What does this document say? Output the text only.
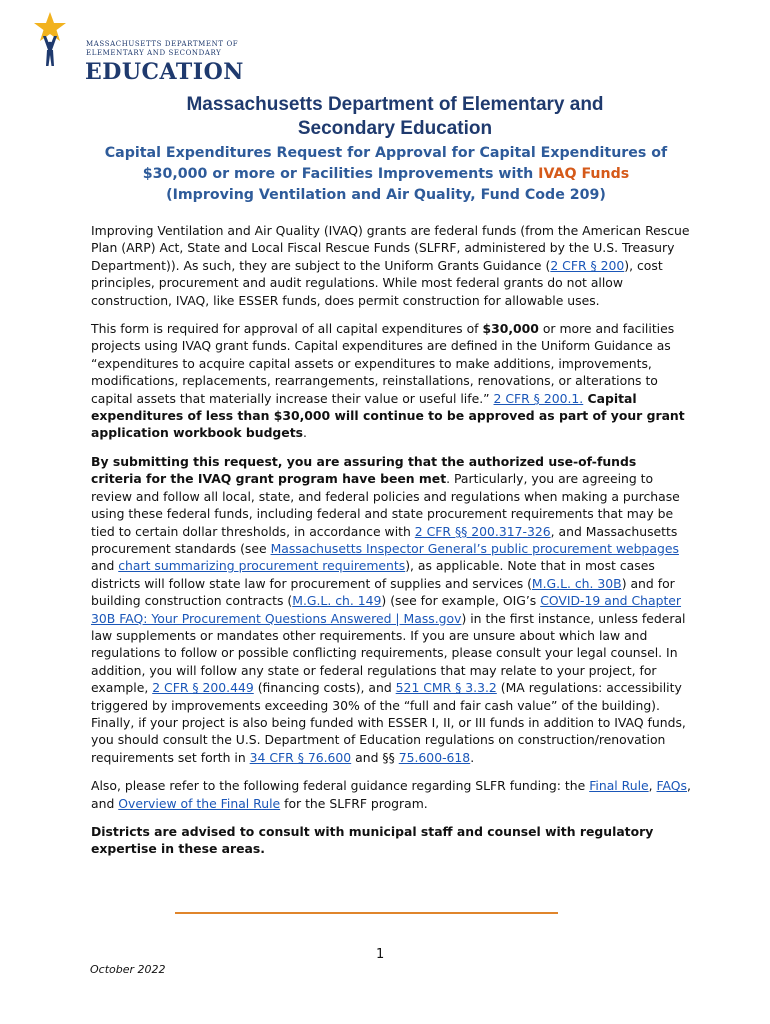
MASSACHUSETTS DEPARTMENT OF
ELEMENTARY AND SECONDARY
EDUCATION
Massachusetts Department of Elementary and
Secondary Education
Capital Expenditures Request for Approval for Capital Expenditures of $30,000 or more or Facilities Improvements with IVAQ Funds
(Improving Ventilation and Air Quality, Fund Code 209)

Improving Ventilation and Air Quality (IVAQ) grants are federal funds (from the American Rescue Plan (ARP) Act, State and Local Fiscal Rescue Funds (SLFRF, administered by the U.S. Treasury Department)). As such, they are subject to the Uniform Grants Guidance (2 CFR § 200), cost principles, procurement and audit regulations. While most federal grants do not allow construction, IVAQ, like ESSER funds, does permit construction for allowable uses.

This form is required for approval of all capital expenditures of $30,000 or more and facilities projects using IVAQ grant funds. Capital expenditures are defined in the Uniform Guidance as “expenditures to acquire capital assets or expenditures to make additions, improvements, modifications, replacements, rearrangements, reinstallations, renovations, or alterations to capital assets that materially increase their value or useful life.” 2 CFR § 200.1. Capital expenditures of less than $30,000 will continue to be approved as part of your grant application workbook budgets.

By submitting this request, you are assuring that the authorized use-of-funds criteria for the IVAQ grant program have been met. Particularly, you are agreeing to review and follow all local, state, and federal policies and regulations when making a purchase using these federal funds, including federal and state procurement requirements that may be tied to certain dollar thresholds, in accordance with 2 CFR §§ 200.317-326, and Massachusetts procurement standards (see Massachusetts Inspector General’s public procurement webpages and chart summarizing procurement requirements), as applicable. Note that in most cases districts will follow state law for procurement of supplies and services (M.G.L. ch. 30B) and for building construction contracts (M.G.L. ch. 149) (see for example, OIG’s COVID-19 and Chapter 30B FAQ: Your Procurement Questions Answered | Mass.gov) in the first instance, unless federal law supplements or mandates other requirements. If you are unsure about which law and regulations to follow or possible conflicting requirements, please consult your legal counsel. In addition, you will follow any state or federal regulations that may relate to your project, for example, 2 CFR § 200.449 (financing costs), and 521 CMR § 3.3.2 (MA regulations: accessibility triggered by improvements exceeding 30% of the “full and fair cash value” of the building). Finally, if your project is also being funded with ESSER I, II, or III funds in addition to IVAQ funds, you should consult the U.S. Department of Education regulations on construction/renovation requirements set forth in 34 CFR § 76.600 and §§ 75.600-618.

Also, please refer to the following federal guidance regarding SLFR funding: the Final Rule, FAQs, and Overview of the Final Rule for the SLFRF program.

Districts are advised to consult with municipal staff and counsel with regulatory expertise in these areas.

1
October 2022
